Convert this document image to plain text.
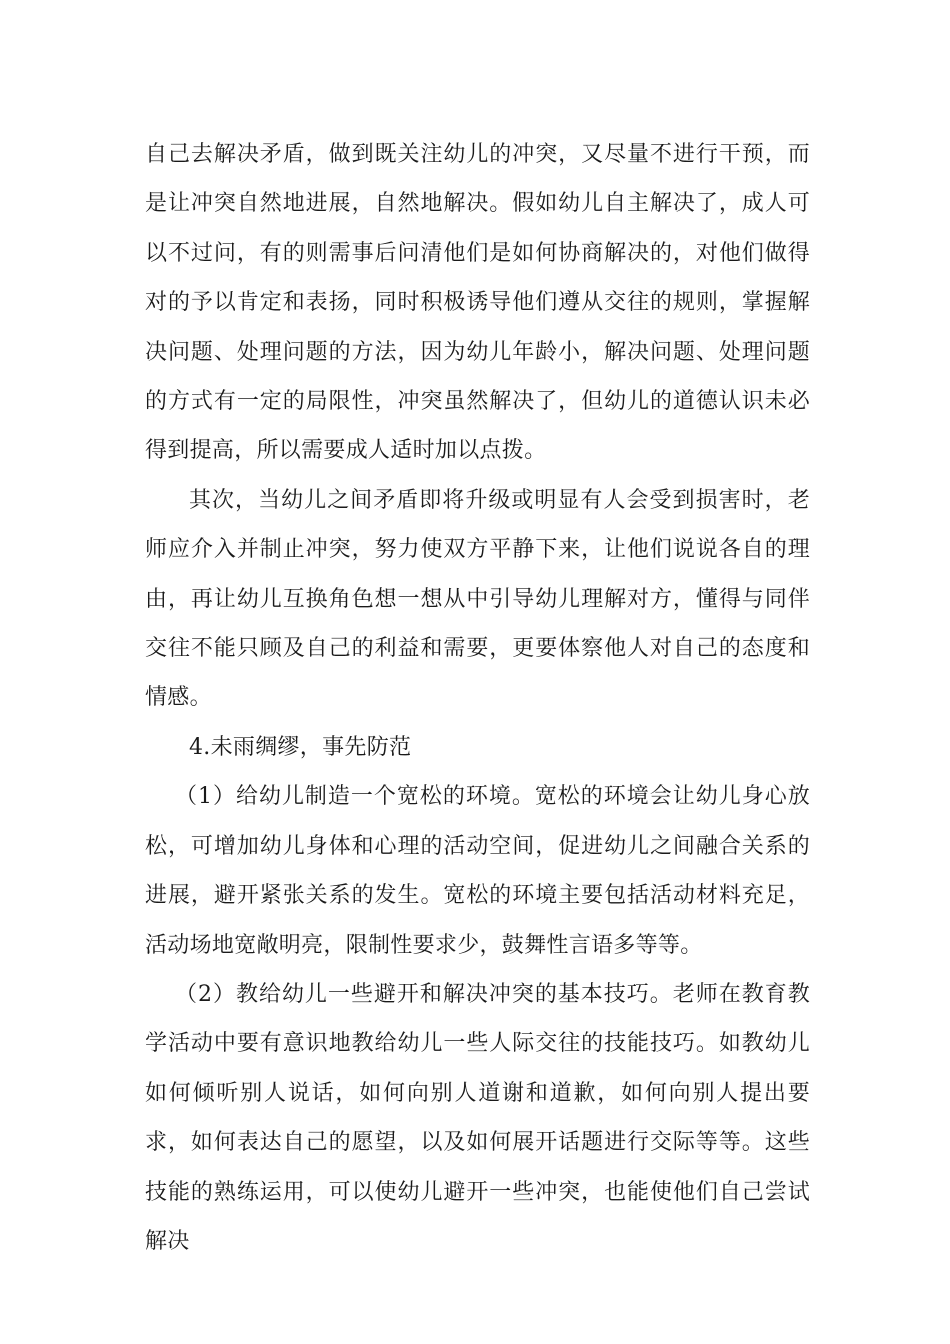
自己去解决矛盾，做到既关注幼儿的冲突，又尽量不进行干预，而是让冲突自然地进展，自然地解决。假如幼儿自主解决了，成人可以不过问，有的则需事后问清他们是如何协商解决的，对他们做得对的予以肯定和表扬，同时积极诱导他们遵从交往的规则，掌握解决问题、处理问题的方法，因为幼儿年龄小，解决问题、处理问题的方式有一定的局限性，冲突虽然解决了，但幼儿的道德认识未必得到提高，所以需要成人适时加以点拨。

其次，当幼儿之间矛盾即将升级或明显有人会受到损害时，老师应介入并制止冲突，努力使双方平静下来，让他们说说各自的理由，再让幼儿互换角色想一想从中引导幼儿理解对方，懂得与同伴交往不能只顾及自己的利益和需要，更要体察他人对自己的态度和情感。

4.未雨绸缪，事先防范

（1）给幼儿制造一个宽松的环境。宽松的环境会让幼儿身心放松，可增加幼儿身体和心理的活动空间，促进幼儿之间融合关系的进展，避开紧张关系的发生。宽松的环境主要包括活动材料充足，活动场地宽敞明亮，限制性要求少，鼓舞性言语多等等。

（2）教给幼儿一些避开和解决冲突的基本技巧。老师在教育教学活动中要有意识地教给幼儿一些人际交往的技能技巧。如教幼儿如何倾听别人说话，如何向别人道谢和道歉，如何向别人提出要求，如何表达自己的愿望，以及如何展开话题进行交际等等。这些技能的熟练运用，可以使幼儿避开一些冲突，也能使他们自己尝试解决
